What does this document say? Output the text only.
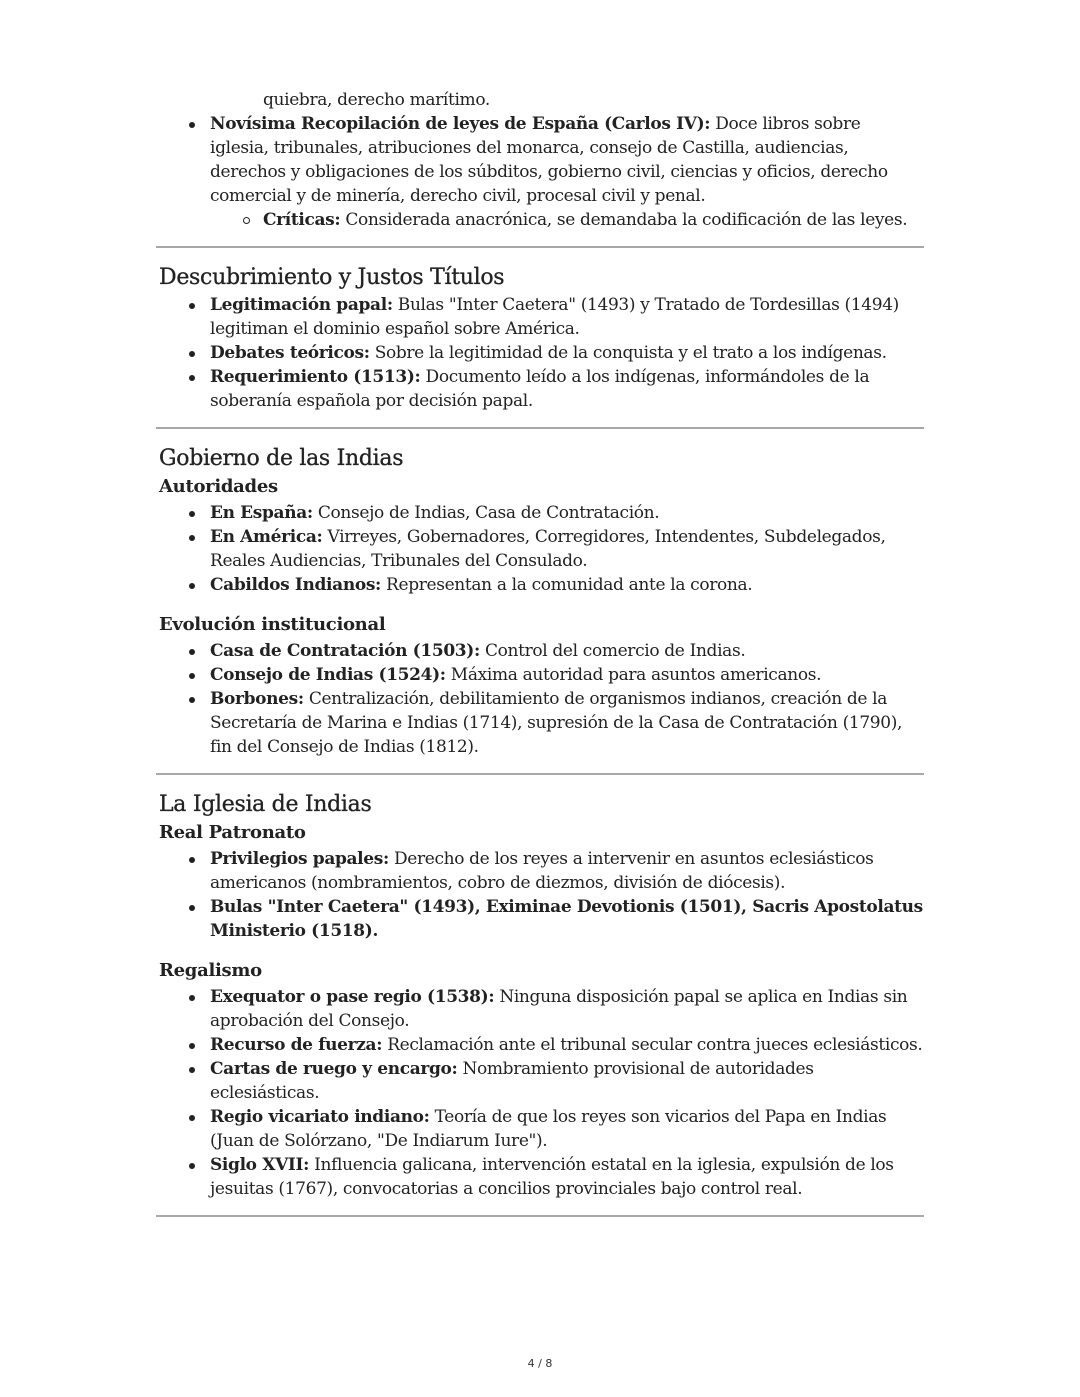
quiebra, derecho marítimo.

Novísima Recopilación de leyes de España (Carlos IV): Doce libros sobre iglesia, tribunales, atribuciones del monarca, consejo de Castilla, audiencias, derechos y obligaciones de los súbditos, gobierno civil, ciencias y oficios, derecho comercial y de minería, derecho civil, procesal civil y penal.
Críticas: Considerada anacrónica, se demandaba la codificación de las leyes.
Descubrimiento y Justos Títulos
Legitimación papal: Bulas "Inter Caetera" (1493) y Tratado de Tordesillas (1494) legitiman el dominio español sobre América.
Debates teóricos: Sobre la legitimidad de la conquista y el trato a los indígenas.
Requerimiento (1513): Documento leído a los indígenas, informándoles de la soberanía española por decisión papal.
Gobierno de las Indias
Autoridades
En España: Consejo de Indias, Casa de Contratación.
En América: Virreyes, Gobernadores, Corregidores, Intendentes, Subdelegados, Reales Audiencias, Tribunales del Consulado.
Cabildos Indianos: Representan a la comunidad ante la corona.
Evolución institucional
Casa de Contratación (1503): Control del comercio de Indias.
Consejo de Indias (1524): Máxima autoridad para asuntos americanos.
Borbones: Centralización, debilitamiento de organismos indianos, creación de la Secretaría de Marina e Indias (1714), supresión de la Casa de Contratación (1790), fin del Consejo de Indias (1812).
La Iglesia de Indias
Real Patronato
Privilegios papales: Derecho de los reyes a intervenir en asuntos eclesiásticos americanos (nombramientos, cobro de diezmos, división de diócesis).
Bulas "Inter Caetera" (1493), Eximinae Devotionis (1501), Sacris Apostolatus Ministerio (1518).
Regalismo
Exequator o pase regio (1538): Ninguna disposición papal se aplica en Indias sin aprobación del Consejo.
Recurso de fuerza: Reclamación ante el tribunal secular contra jueces eclesiásticos.
Cartas de ruego y encargo: Nombramiento provisional de autoridades eclesiásticas.
Regio vicariato indiano: Teoría de que los reyes son vicarios del Papa en Indias (Juan de Solórzano, "De Indiarum Iure").
Siglo XVII: Influencia galicana, intervención estatal en la iglesia, expulsión de los jesuitas (1767), convocatorias a concilios provinciales bajo control real.
4 / 8
